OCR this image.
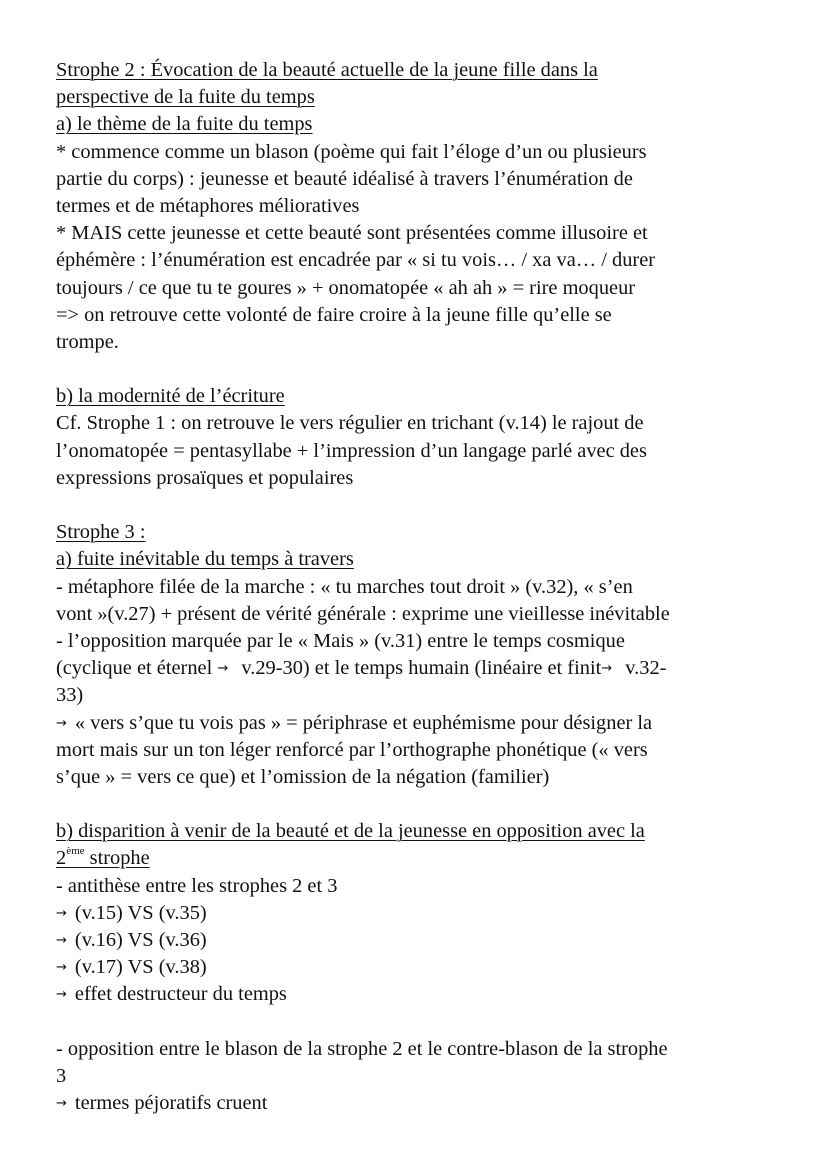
Strophe 2 : Évocation de la beauté actuelle de la jeune fille dans la
perspective de la fuite du temps
a) le thème de la fuite du temps
* commence comme un blason (poème qui fait l’éloge d’un ou plusieurs
partie du corps) : jeunesse et beauté idéalisé à travers l’énumération de
termes et de métaphores mélioratives
* MAIS cette jeunesse et cette beauté sont présentées comme illusoire et
éphémère : l’énumération est encadrée par « si tu vois… / xa va… / durer
toujours / ce que tu te goures » + onomatopée « ah ah » = rire moqueur
=> on retrouve cette volonté de faire croire à la jeune fille qu’elle se
trompe.
b) la modernité de l’écriture
Cf. Strophe 1 : on retrouve le vers régulier en trichant (v.14) le rajout de
l’onomatopée = pentasyllabe + l’impression d’un langage parlé avec des
expressions prosaïques et populaires
Strophe 3 :
a) fuite inévitable du temps à travers
- métaphore filée de la marche : « tu marches tout droit » (v.32), « s’en
vont »(v.27) + présent de vérité générale : exprime une vieillesse inévitable
- l’opposition marquée par le « Mais » (v.31) entre le temps cosmique
(cyclique et éternel → v.29-30) et le temps humain (linéaire et finit→ v.32-
33)
→ « vers s’que tu vois pas » = périphrase et euphémisme pour désigner la
mort mais sur un ton léger renforcé par l’orthographe phonétique (« vers
s’que » = vers ce que) et l’omission de la négation (familier)
b) disparition à venir de la beauté et de la jeunesse en opposition avec la
2ème strophe
- antithèse entre les strophes 2 et 3
→ (v.15) VS (v.35)
→ (v.16) VS (v.36)
→ (v.17) VS (v.38)
→ effet destructeur du temps
- opposition entre le blason de la strophe 2 et le contre-blason de la strophe
3
→ termes péjoratifs cruent
